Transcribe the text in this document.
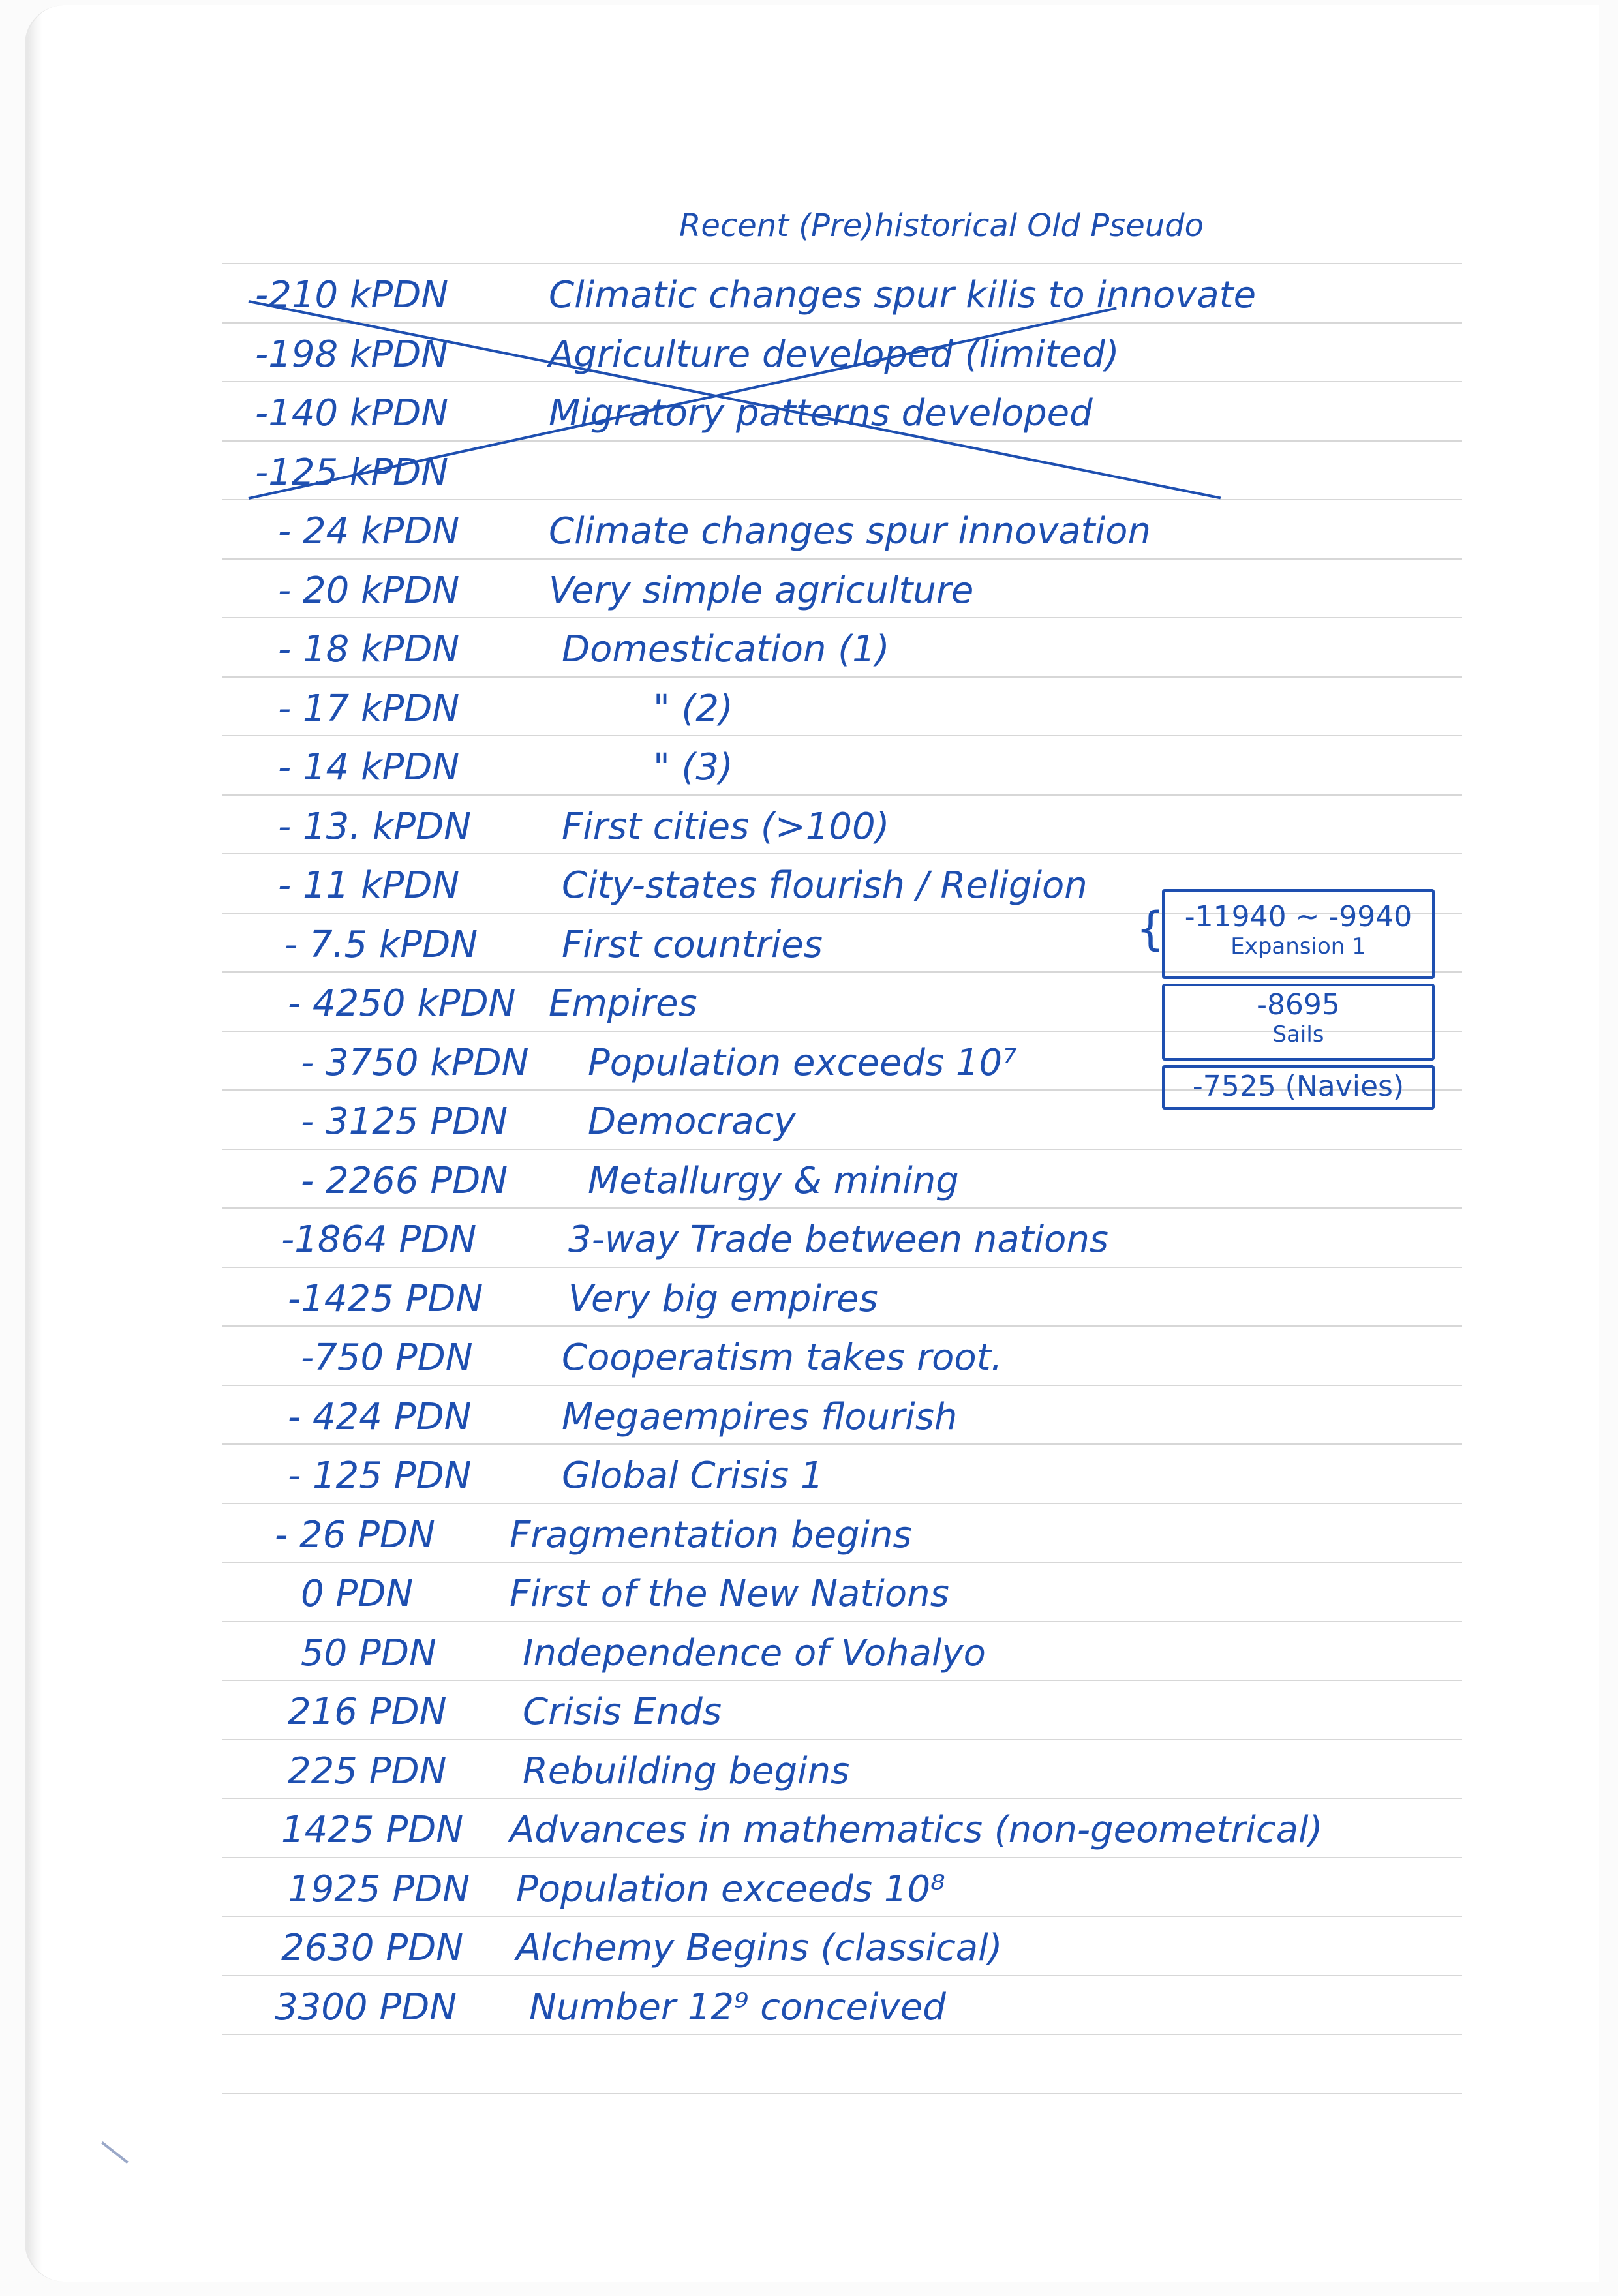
Recent (Pre)historical Old Pseudo
-210 kPDN	Climatic changes spur kilis to innovate
-198 kPDN	Agriculture developed (limited)
-140 kPDN	Migratory patterns developed
-125 kPDN
- 24 kPDN Climate changes spur innovation
- 20 kPDN Very simple agriculture
- 18 kPDN	Domestication (1)
- 17 kPDN	" (2)
- 14 kPDN	" (3)
- 13. kPDN First cities (>100)
- 11 kPDN	City-states flourish / Religion
- 7.5 kPDN First countries
- 4250 kPDN Empires
- 3750 kPDN Population exceeds 10⁷
- 3125 PDN Democracy
- 2266 PDN Metallurgy & mining
-1864 PDN	3-way Trade between nations
-1425 PDN Very big empires
-750 PDN Cooperatism takes root.
- 424 PDN Megaempires flourish
- 125 PDN Global Crisis 1
- 26 PDN Fragmentation begins
0 PDN	First of the New Nations
50 PDN Independence of Vohalyo
216 PDN Crisis Ends
225 PDN Rebuilding begins
1425 PDN Advances in mathematics (non-geometrical)
1925 PDN Population exceeds 10⁸
2630 PDN Alchemy Begins (classical)
3300 PDN Number 12⁹ conceived
{ -11940 ~ -9940
Expansion 1
-8695
Sails
-7525 (Navies)
